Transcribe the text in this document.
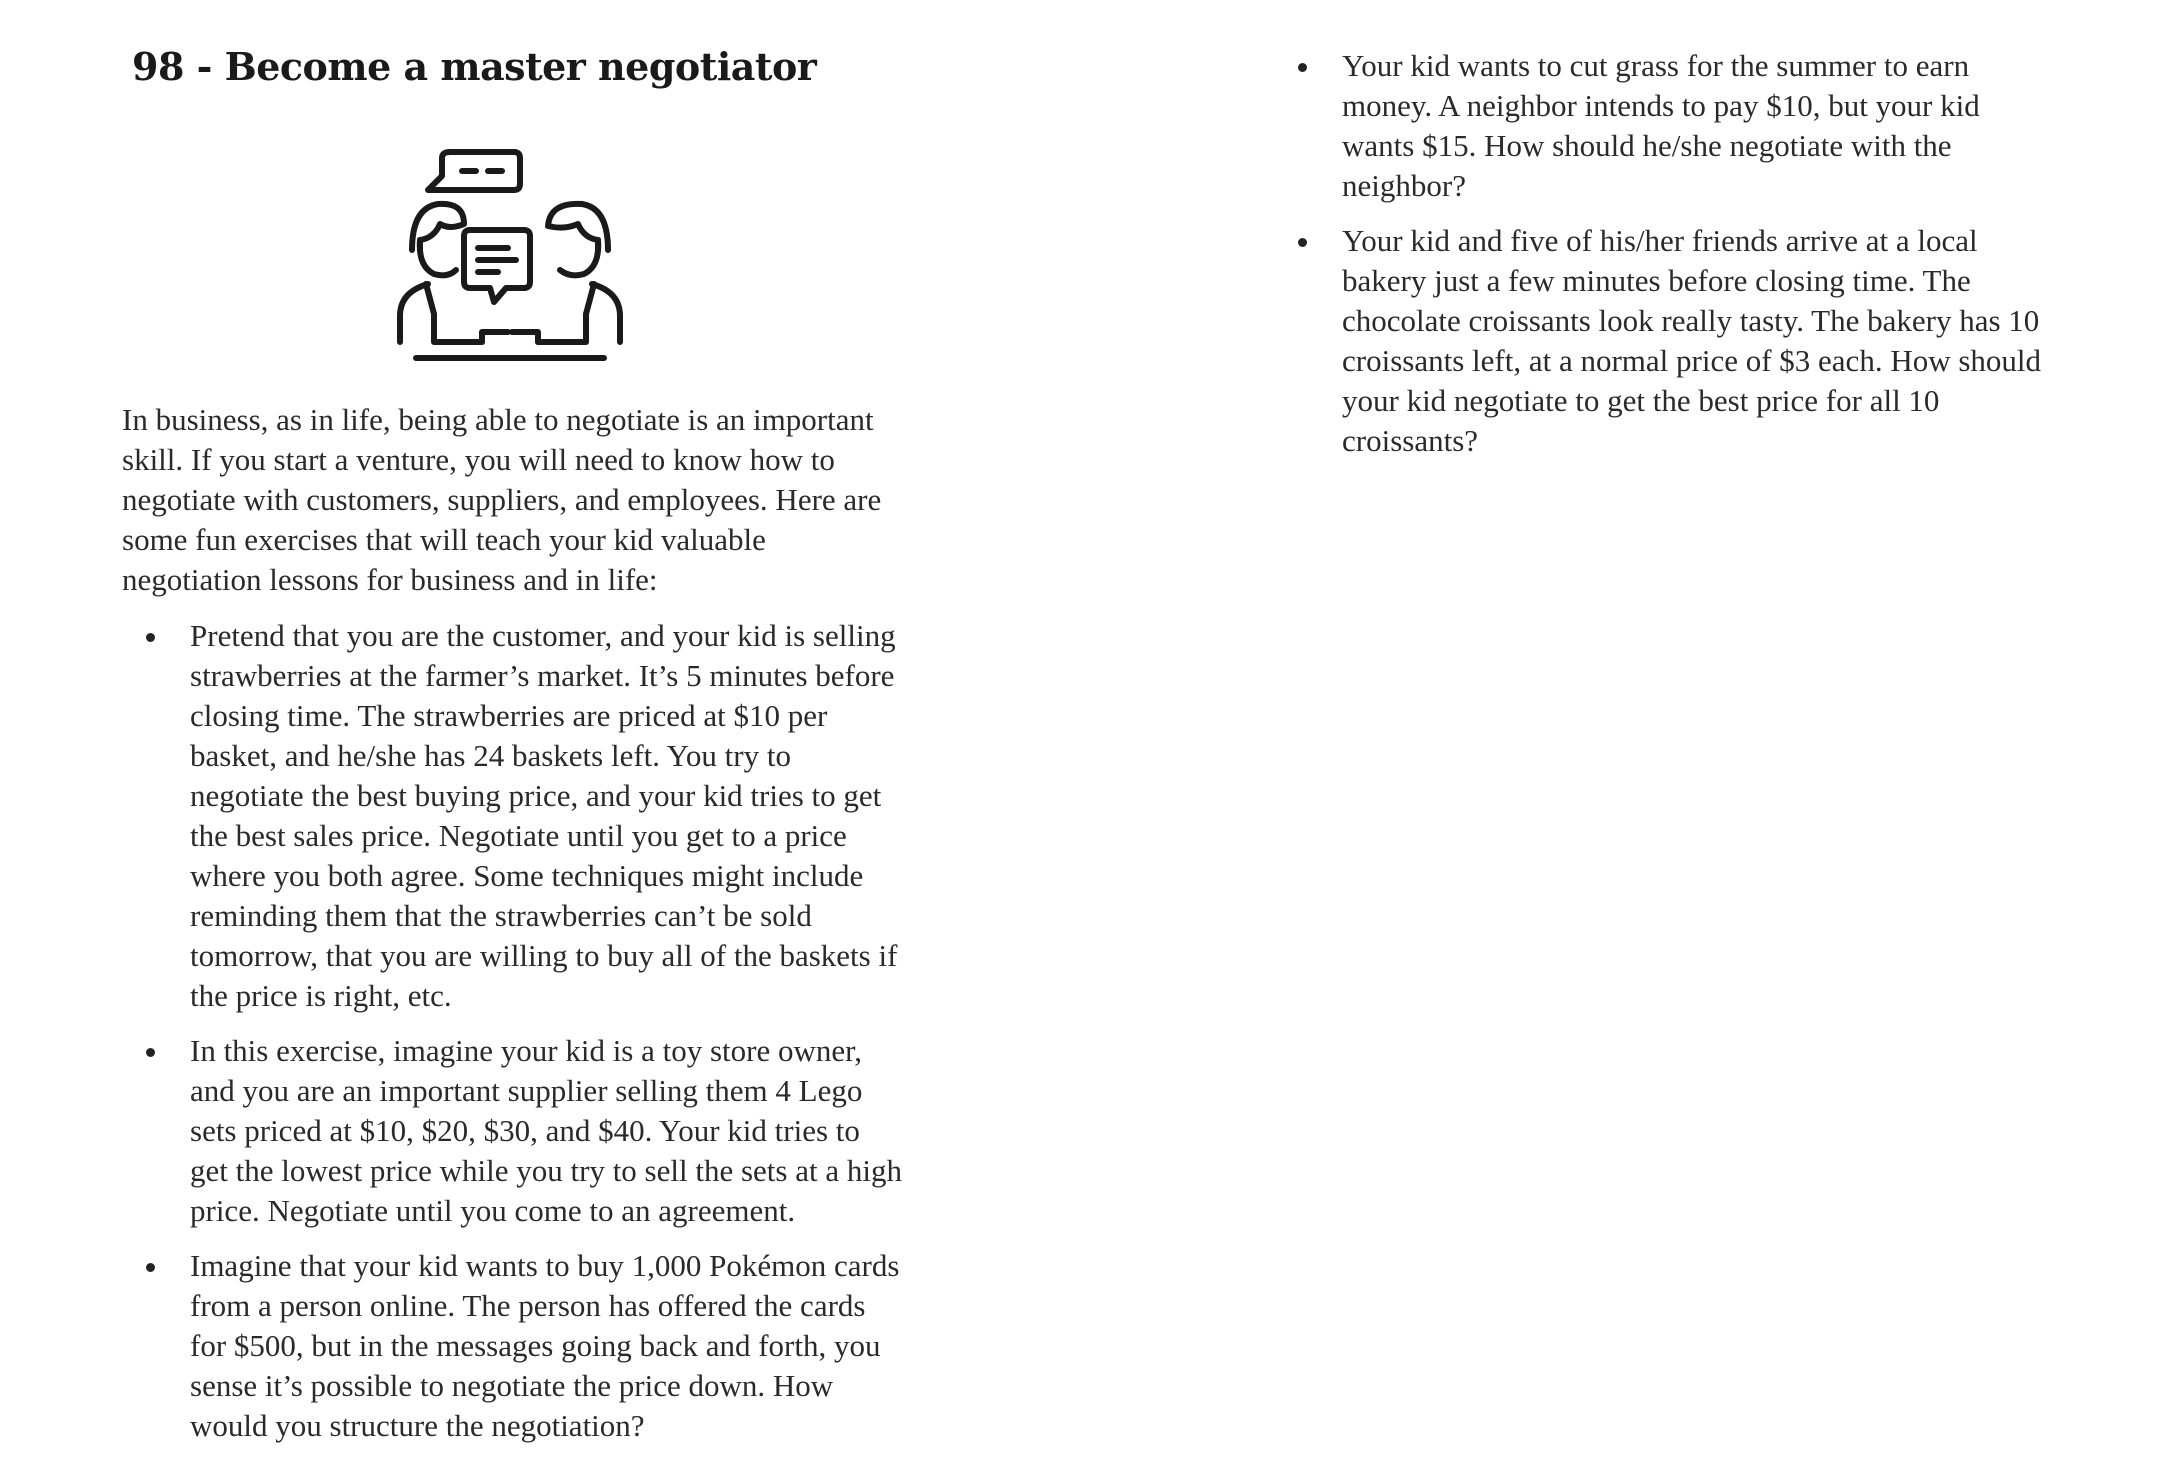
98 - Become a master negotiator

In business, as in life, being able to negotiate is an important skill. If you start a venture, you will need to know how to negotiate with customers, suppliers, and employees. Here are some fun exercises that will teach your kid valuable negotiation lessons for business and in life:

Pretend that you are the customer, and your kid is selling strawberries at the farmer’s market. It’s 5 minutes before closing time. The strawberries are priced at $10 per basket, and he/she has 24 baskets left. You try to negotiate the best buying price, and your kid tries to get the best sales price. Negotiate until you get to a price where you both agree. Some techniques might include reminding them that the strawberries can’t be sold tomorrow, that you are willing to buy all of the baskets if the price is right, etc.
In this exercise, imagine your kid is a toy store owner, and you are an important supplier selling them 4 Lego sets priced at $10, $20, $30, and $40. Your kid tries to get the lowest price while you try to sell the sets at a high price. Negotiate until you come to an agreement.
Imagine that your kid wants to buy 1,000 Pokémon cards from a person online. The person has offered the cards for $500, but in the messages going back and forth, you sense it’s possible to negotiate the price down. How would you structure the negotiation?
Your kid wants to cut grass for the summer to earn money. A neighbor intends to pay $10, but your kid wants $15. How should he/she negotiate with the neighbor?
Your kid and five of his/her friends arrive at a local bakery just a few minutes before closing time. The chocolate croissants look really tasty. The bakery has 10 croissants left, at a normal price of $3 each. How should your kid negotiate to get the best price for all 10 croissants?
